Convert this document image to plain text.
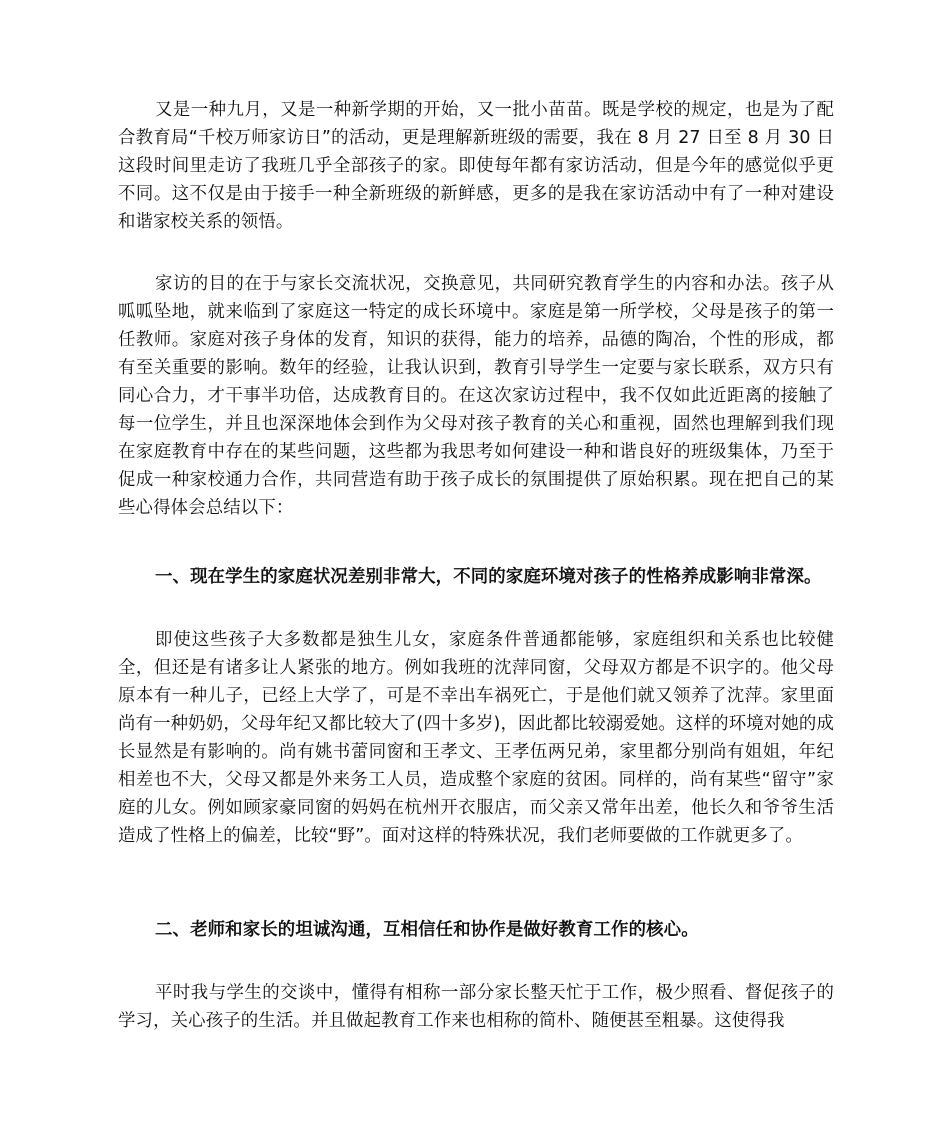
又是一种九月，又是一种新学期的开始，又一批小苗苗。既是学校的规定，也是为了配合教育局“千校万师家访日”的活动，更是理解新班级的需要，我在 8 月 27 日至 8 月 30 日这段时间里走访了我班几乎全部孩子的家。即使每年都有家访活动，但是今年的感觉似乎更不同。这不仅是由于接手一种全新班级的新鲜感，更多的是我在家访活动中有了一种对建设和谐家校关系的领悟。

家访的目的在于与家长交流状况，交换意见，共同研究教育学生的内容和办法。孩子从呱呱坠地，就来临到了家庭这一特定的成长环境中。家庭是第一所学校，父母是孩子的第一任教师。家庭对孩子身体的发育，知识的获得，能力的培养，品德的陶冶，个性的形成，都有至关重要的影响。数年的经验，让我认识到，教育引导学生一定要与家长联系，双方只有同心合力，才干事半功倍，达成教育目的。在这次家访过程中，我不仅如此近距离的接触了每一位学生，并且也深深地体会到作为父母对孩子教育的关心和重视，固然也理解到我们现在家庭教育中存在的某些问题，这些都为我思考如何建设一种和谐良好的班级集体，乃至于促成一种家校通力合作，共同营造有助于孩子成长的氛围提供了原始积累。现在把自己的某些心得体会总结以下：

一、现在学生的家庭状况差别非常大，不同的家庭环境对孩子的性格养成影响非常深。

即使这些孩子大多数都是独生儿女，家庭条件普通都能够，家庭组织和关系也比较健全，但还是有诸多让人紧张的地方。例如我班的沈萍同窗，父母双方都是不识字的。他父母原本有一种儿子，已经上大学了，可是不幸出车祸死亡，于是他们就又领养了沈萍。家里面尚有一种奶奶，父母年纪又都比较大了(四十多岁)，因此都比较溺爱她。这样的环境对她的成长显然是有影响的。尚有姚书蕾同窗和王孝文、王孝伍两兄弟，家里都分别尚有姐姐，年纪相差也不大，父母又都是外来务工人员，造成整个家庭的贫困。同样的，尚有某些“留守”家庭的儿女。例如顾家豪同窗的妈妈在杭州开衣服店，而父亲又常年出差，他长久和爷爷生活造成了性格上的偏差，比较“野”。面对这样的特殊状况，我们老师要做的工作就更多了。

二、老师和家长的坦诚沟通，互相信任和协作是做好教育工作的核心。

平时我与学生的交谈中，懂得有相称一部分家长整天忙于工作，极少照看、督促孩子的学习，关心孩子的生活。并且做起教育工作来也相称的简朴、随便甚至粗暴。这使得我
